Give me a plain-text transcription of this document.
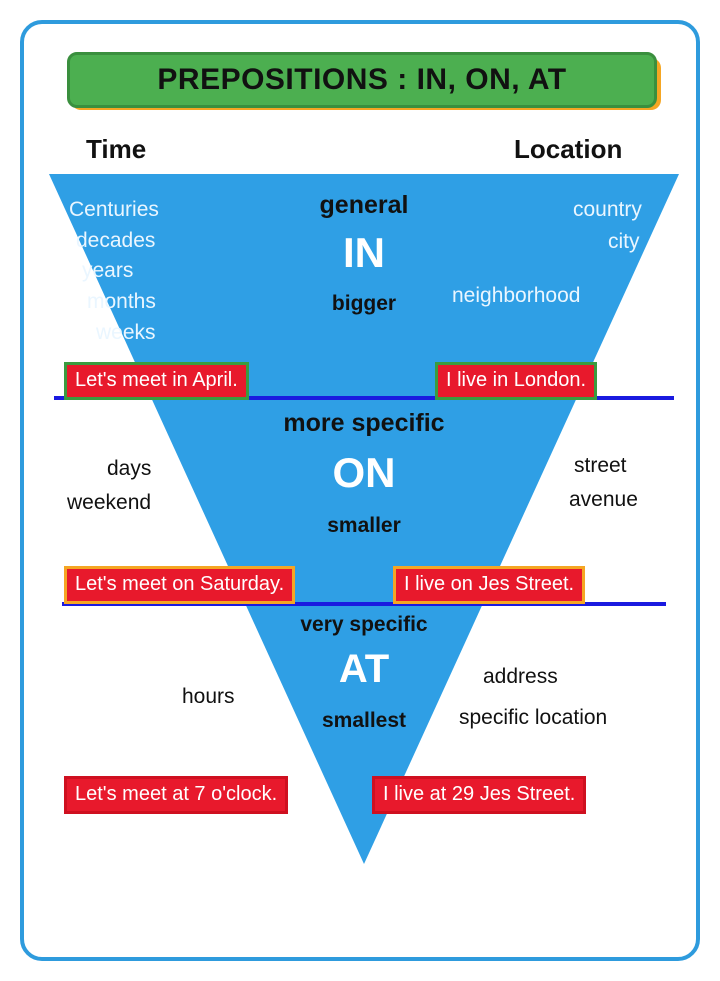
PREPOSITIONS : IN, ON, AT
Time	Location
general
IN
bigger
Centuries
decades
years
months
weeks
country
city
neighborhood
Let's meet in April.	I live in London.
more specific
ON
smaller
days
weekend
street
avenue
Let's meet on Saturday.	I live on Jes Street.
very specific
AT
smallest
hours
address
specific location
Let's meet at 7 o'clock.	I live at 29 Jes Street.
